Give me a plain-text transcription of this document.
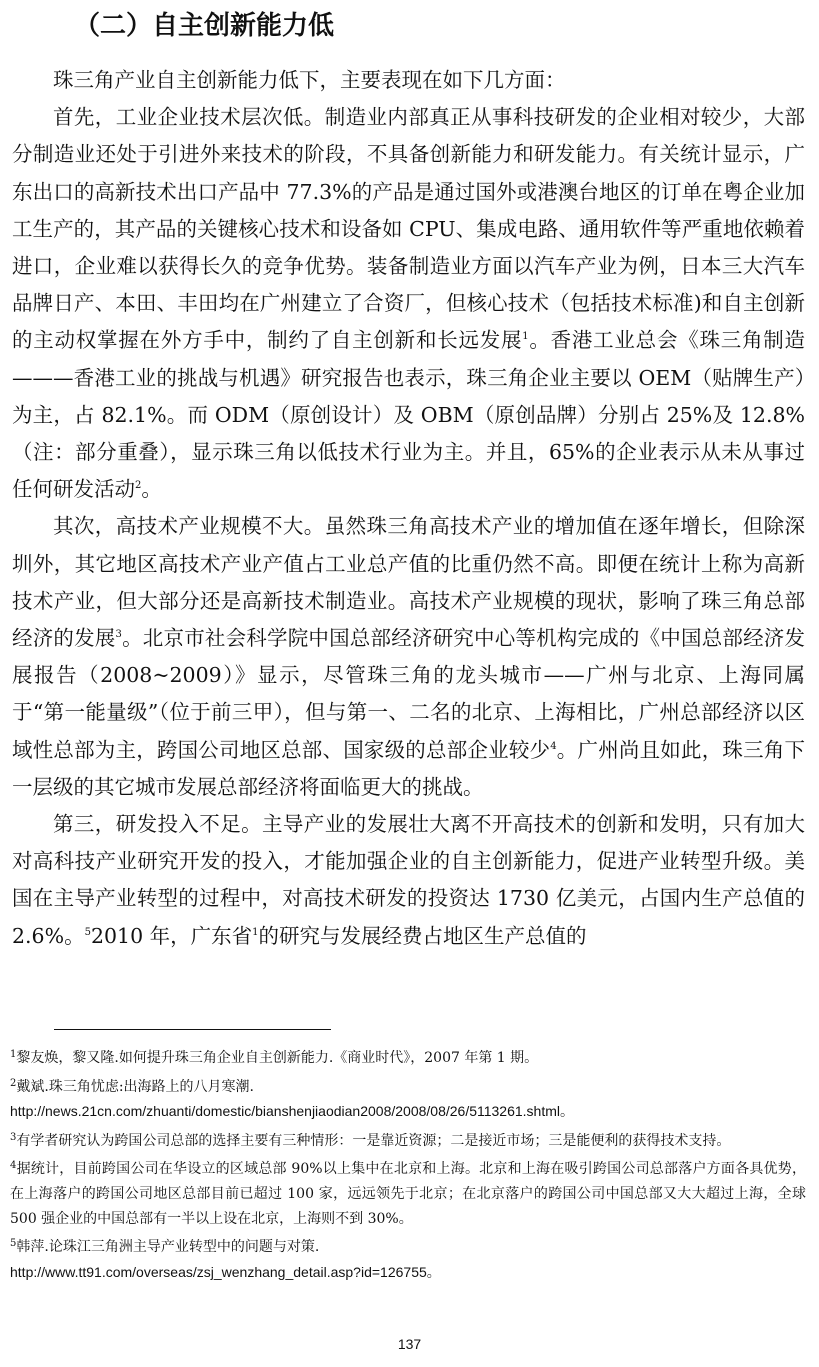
（二）自主创新能力低

珠三角产业自主创新能力低下，主要表现在如下几方面：

首先，工业企业技术层次低。制造业内部真正从事科技研发的企业相对较少，大部分制造业还处于引进外来技术的阶段，不具备创新能力和研发能力。有关统计显示，广东出口的高新技术出口产品中 77.3%的产品是通过国外或港澳台地区的订单在粤企业加工生产的，其产品的关键核心技术和设备如 CPU、集成电路、通用软件等严重地依赖着进口，企业难以获得长久的竞争优势。装备制造业方面以汽车产业为例，日本三大汽车品牌日产、本田、丰田均在广州建立了合资厂，但核心技术（包括技术标准)和自主创新的主动权掌握在外方手中，制约了自主创新和长远发展$^1$。香港工业总会《珠三角制造———香港工业的挑战与机遇》研究报告也表示，珠三角企业主要以 OEM（贴牌生产）为主，占 82.1%。而 ODM（原创设计）及 OBM（原创品牌）分别占 25%及 12.8%（注：部分重叠），显示珠三角以低技术行业为主。并且，65%的企业表示从未从事过任何研发活动$^2$。

其次，高技术产业规模不大。虽然珠三角高技术产业的增加值在逐年增长，但除深圳外，其它地区高技术产业产值占工业总产值的比重仍然不高。即便在统计上称为高新技术产业，但大部分还是高新技术制造业。高技术产业规模的现状，影响了珠三角总部经济的发展$^3$。北京市社会科学院中国总部经济研究中心等机构完成的《中国总部经济发展报告（2008~2009）》显示，尽管珠三角的龙头城市——广州与北京、上海同属于“第一能量级”（位于前三甲），但与第一、二名的北京、上海相比，广州总部经济以区域性总部为主，跨国公司地区总部、国家级的总部企业较少$^4$。广州尚且如此，珠三角下一层级的其它城市发展总部经济将面临更大的挑战。

第三，研发投入不足。主导产业的发展壮大离不开高技术的创新和发明，只有加大对高科技产业研究开发的投入，才能加强企业的自主创新能力，促进产业转型升级。美国在主导产业转型的过程中，对高技术研发的投资达 1730 亿美元，占国内生产总值的 2.6%。$^5$2010 年，广东省$^1$的研究与发展经费占地区生产总值的

$^1$黎友焕，黎又隆.如何提升珠三角企业自主创新能力.《商业时代》，2007 年第 1 期。

$^2$戴斌.珠三角忧虑:出海路上的八月寒潮.
http://news.21cn.com/zhuanti/domestic/bianshenjiaodian2008/2008/08/26/5113261.shtml。

$^3$有学者研究认为跨国公司总部的选择主要有三种情形：一是靠近资源；二是接近市场；三是能便利的获得技术支持。

$^4$据统计，目前跨国公司在华设立的区域总部 90%以上集中在北京和上海。北京和上海在吸引跨国公司总部落户方面各具优势，在上海落户的跨国公司地区总部目前已超过 100 家，远远领先于北京；在北京落户的跨国公司中国总部又大大超过上海，全球 500 强企业的中国总部有一半以上设在北京，上海则不到 30%。

$^5$韩萍.论珠江三角洲主导产业转型中的问题与对策.
http://www.tt91.com/overseas/zsj_wenzhang_detail.asp?id=126755。

137
